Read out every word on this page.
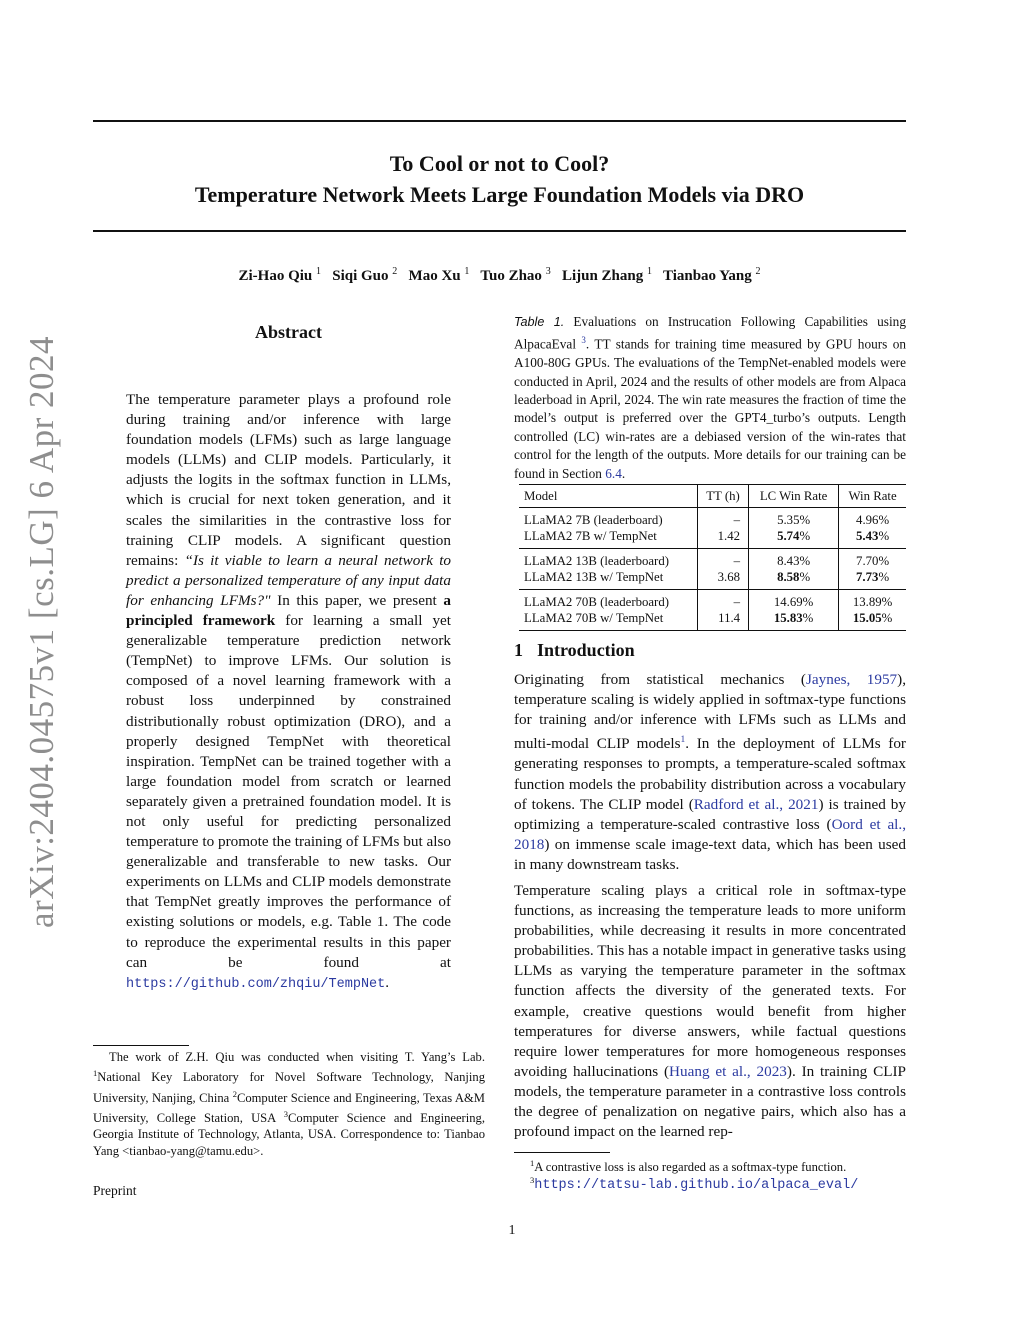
arXiv:2404.04575v1 [cs.LG] 6 Apr 2024
To Cool or not to Cool?
Temperature Network Meets Large Foundation Models via DRO
Zi-Hao Qiu $^1$ Siqi Guo $^2$ Mao Xu $^1$ Tuo Zhao $^3$ Lijun Zhang $^1$ Tianbao Yang $^2$
Abstract
The temperature parameter plays a profound role during training and/or inference with large foundation models (LFMs) such as large language models (LLMs) and CLIP models. Particularly, it adjusts the logits in the softmax function in LLMs, which is crucial for next token generation, and it scales the similarities in the contrastive loss for training CLIP models. A significant question remains: “Is it viable to learn a neural network to predict a personalized temperature of any input data for enhancing LFMs?" In this paper, we present a principled framework for learning a small yet generalizable temperature prediction network (TempNet) to improve LFMs. Our solution is composed of a novel learning framework with a robust loss underpinned by constrained distributionally robust optimization (DRO), and a properly designed TempNet with theoretical inspiration. TempNet can be trained together with a large foundation model from scratch or learned separately given a pretrained foundation model. It is not only useful for predicting personalized temperature to promote the training of LFMs but also generalizable and transferable to new tasks. Our experiments on LLMs and CLIP models demonstrate that TempNet greatly improves the performance of existing solutions or models, e.g. Table 1. The code to reproduce the experimental results in this paper can be found at https://github.com/zhqiu/TempNet.
The work of Z.H. Qiu was conducted when visiting T. Yang’s Lab. $^1$National Key Laboratory for Novel Software Technology, Nanjing University, Nanjing, China $^2$Computer Science and Engineering, Texas A&M University, College Station, USA $^3$Computer Science and Engineering, Georgia Institute of Technology, Atlanta, USA. Correspondence to: Tianbao Yang <tianbao-yang@tamu.edu>.
Preprint
Table 1. Evaluations on Instrucation Following Capabilities using AlpacaEval $^3$. TT stands for training time measured by GPU hours on A100-80G GPUs. The evaluations of the TempNet-enabled models were conducted in April, 2024 and the results of other models are from Alpaca leaderboad in April, 2024. The win rate measures the fraction of time the model’s output is preferred over the GPT4_turbo’s outputs. Length controlled (LC) win-rates are a debiased version of the win-rates that control for the length of the outputs. More details for our training can be found in Section 6.4.
Model	TT (h)	LC Win Rate	Win Rate
LLaMA2 7B (leaderboard)	–	5.35%	4.96%
LLaMA2 7B w/ TempNet	1.42	5.74%	5.43%
LLaMA2 13B (leaderboard)	–	8.43%	7.70%
LLaMA2 13B w/ TempNet	3.68	8.58%	7.73%
LLaMA2 70B (leaderboard)	–	14.69%	13.89%
LLaMA2 70B w/ TempNet	11.4	15.83%	15.05%
1 Introduction
Originating from statistical mechanics (Jaynes, 1957), temperature scaling is widely applied in softmax-type functions for training and/or inference with LFMs such as LLMs and multi-modal CLIP models$^1$. In the deployment of LLMs for generating responses to prompts, a temperature-scaled softmax function models the probability distribution across a vocabulary of tokens. The CLIP model (Radford et al., 2021) is trained by optimizing a temperature-scaled contrastive loss (Oord et al., 2018) on immense scale image-text data, which has been used in many downstream tasks.
Temperature scaling plays a critical role in softmax-type functions, as increasing the temperature leads to more uniform probabilities, while decreasing it results in more concentrated probabilities. This has a notable impact in generative tasks using LLMs as varying the temperature parameter in the softmax function affects the diversity of the generated texts. For example, creative questions would benefit from higher temperatures for diverse answers, while factual questions require lower temperatures for more homogeneous responses avoiding hallucinations (Huang et al., 2023). In training CLIP models, the temperature parameter in a contrastive loss controls the degree of penalization on negative pairs, which also has a profound impact on the learned rep-
$^1$A contrastive loss is also regarded as a softmax-type function.
$^3$https://tatsu-lab.github.io/alpaca_eval/
1
